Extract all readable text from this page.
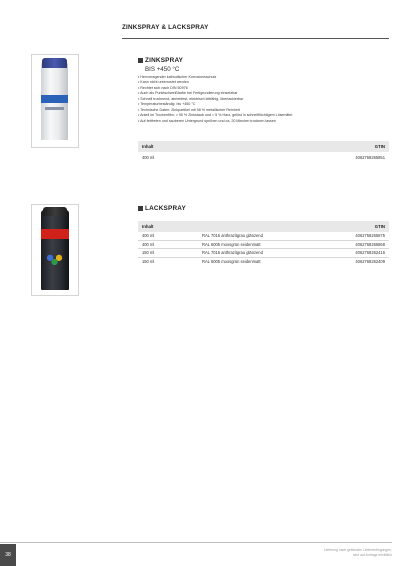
ZINKSPRAY & LACKSPRAY
ZINKSPRAY
BIS +450 °C
• Hervorragender kathodischer Korrosionsschutz
• Kann nicht unterrostet werden
• Rechtet sich nach DIN 50976
• Auch als Punktschweißfarbe bei Fertigrundierung einsetzbar
• Schnell trocknend, abriebfest, elektrisch leitfähig, überlackierbar
• Temperaturbeständig: bis +450 °C
• Technische Daten: Zinkpartikel mit 98 % metallischer Reinheit
• Anteil im Trockenfilm: > 90 % Zinkstaub und < 5 % Harz, gelöst in schnellflüchtigem Lösemittel
• Auf fettfreien und sauberen Untergrund sprühen und ca. 20 Minuten trocknen lassen
Inhalt	GTIN
400 ml	4062768265851
LACKSPRAY
Inhalt		GTIN
400 ml	RAL 7016 anthrazitgrau glänzend	4062768265875
400 ml	RAL 6005 moosgrün seidenmatt	4062768265868
150 ml	RAL 7016 anthrazitgrau glänzend	4062768262416
150 ml	RAL 6005 moosgrün seidenmatt	4062768262409
38
Lieferung nach geltenden Lieferbedingungen,
sind auf Anfrage erhältlich
